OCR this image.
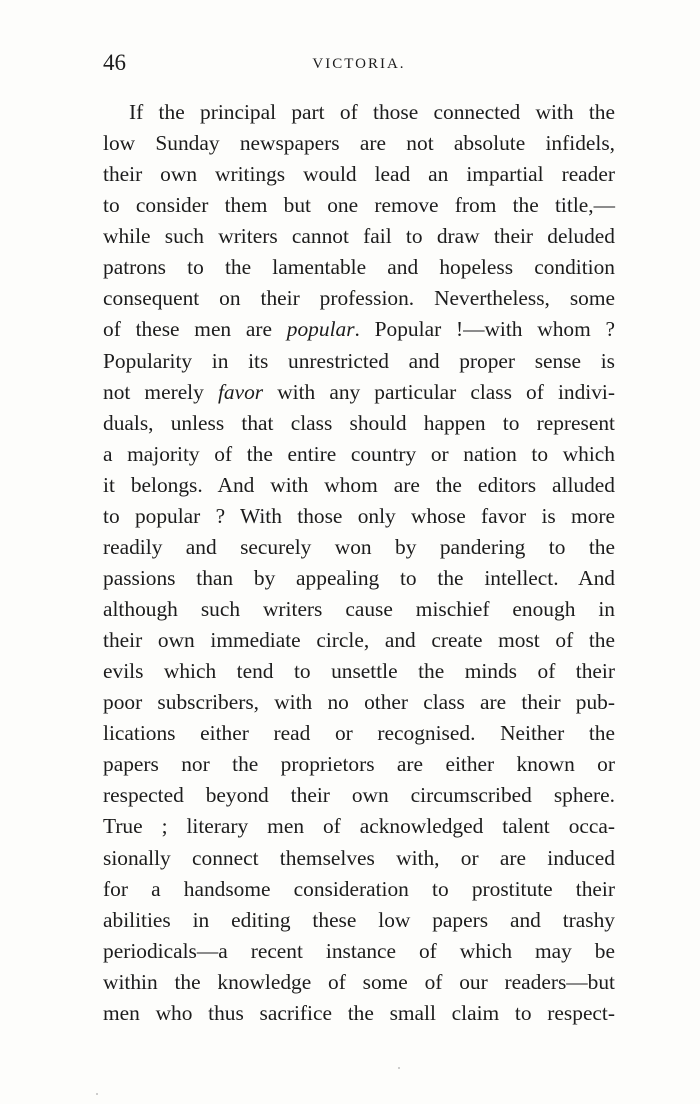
46	VICTORIA.
If the principal part of those connected with the
low Sunday newspapers are not absolute infidels,
their own writings would lead an impartial reader
to consider them but one remove from the title,—
while such writers cannot fail to draw their deluded
patrons to the lamentable and hopeless condition
consequent on their profession. Nevertheless, some
of these men are popular. Popular !—with whom ?
Popularity in its unrestricted and proper sense is
not merely favor with any particular class of indivi-
duals, unless that class should happen to represent
a majority of the entire country or nation to which
it belongs. And with whom are the editors alluded
to popular ? With those only whose favor is more
readily and securely won by pandering to the
passions than by appealing to the intellect. And
although such writers cause mischief enough in
their own immediate circle, and create most of the
evils which tend to unsettle the minds of their
poor subscribers, with no other class are their pub-
lications either read or recognised. Neither the
papers nor the proprietors are either known or
respected beyond their own circumscribed sphere.
True ; literary men of acknowledged talent occa-
sionally connect themselves with, or are induced
for a handsome consideration to prostitute their
abilities in editing these low papers and trashy
periodicals—a recent instance of which may be
within the knowledge of some of our readers—but
men who thus sacrifice the small claim to respect-
